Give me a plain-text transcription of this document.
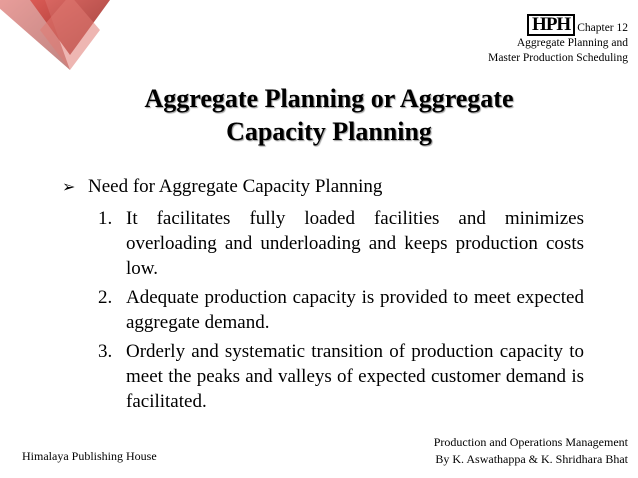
HPH Chapter 12
Aggregate Planning and
Master Production Scheduling
Aggregate Planning or Aggregate
Capacity Planning
➢ Need for Aggregate Capacity Planning
1. It facilitates fully loaded facilities and minimizes overloading and underloading and keeps production costs low.
2. Adequate production capacity is provided to meet expected aggregate demand.
3. Orderly and systematic transition of production capacity to meet the peaks and valleys of expected customer demand is facilitated.
Himalaya Publishing House
Production and Operations Management
By K. Aswathappa & K. Shridhara Bhat
